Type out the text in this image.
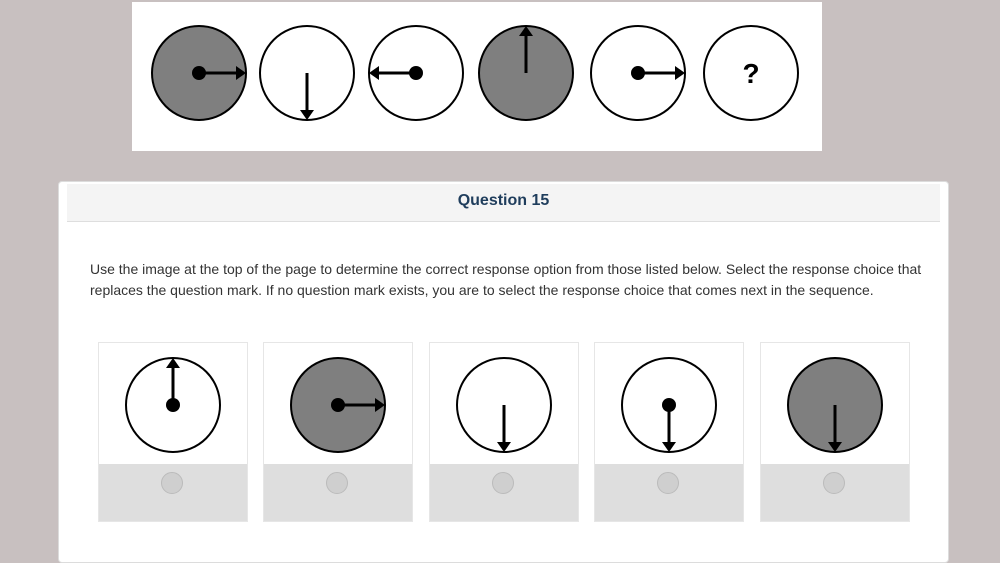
?
Question 15
Use the image at the top of the page to determine the correct response option from those listed below. Select the response choice that replaces the question mark. If no question mark exists, you are to select the response choice that comes next in the sequence.
